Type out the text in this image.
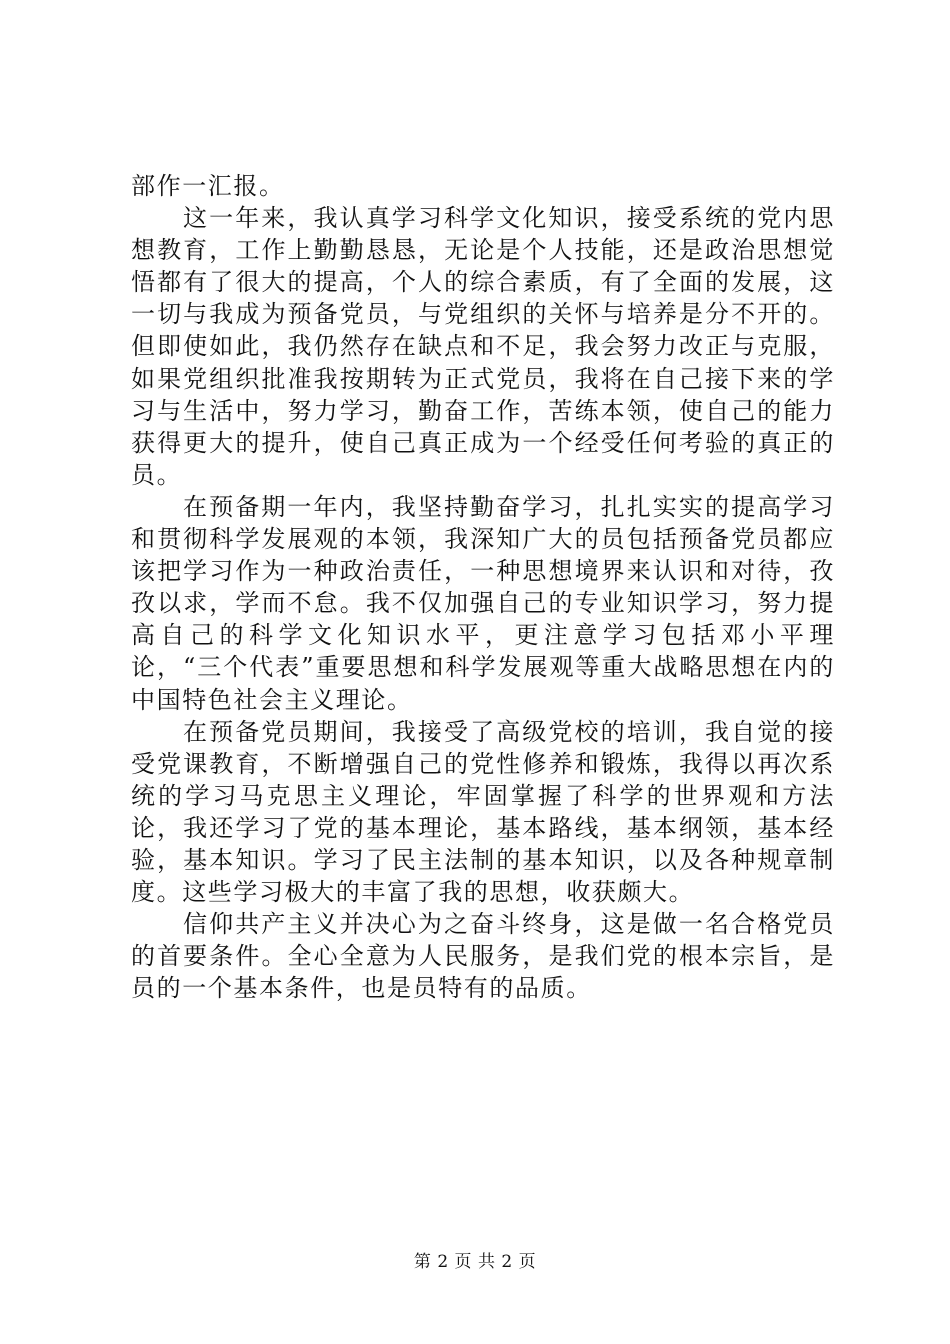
部作一汇报。

这一年来，我认真学习科学文化知识，接受系统的党内思想教育，工作上勤勤恳恳，无论是个人技能，还是政治思想觉悟都有了很大的提高，个人的综合素质，有了全面的发展，这一切与我成为预备党员，与党组织的关怀与培养是分不开的。但即使如此，我仍然存在缺点和不足，我会努力改正与克服，如果党组织批准我按期转为正式党员，我将在自己接下来的学习与生活中，努力学习，勤奋工作，苦练本领，使自己的能力获得更大的提升，使自己真正成为一个经受任何考验的真正的员。

在预备期一年内，我坚持勤奋学习，扎扎实实的提高学习和贯彻科学发展观的本领，我深知广大的员包括预备党员都应该把学习作为一种政治责任，一种思想境界来认识和对待，孜孜以求，学而不怠。我不仅加强自己的专业知识学习，努力提高自己的科学文化知识水平，更注意学习包括邓小平理论，“三个代表”重要思想和科学发展观等重大战略思想在内的中国特色社会主义理论。

在预备党员期间，我接受了高级党校的培训，我自觉的接受党课教育，不断增强自己的党性修养和锻炼，我得以再次系统的学习马克思主义理论，牢固掌握了科学的世界观和方法论，我还学习了党的基本理论，基本路线，基本纲领，基本经验，基本知识。学习了民主法制的基本知识，以及各种规章制度。这些学习极大的丰富了我的思想，收获颇大。

信仰共产主义并决心为之奋斗终身，这是做一名合格党员的首要条件。全心全意为人民服务，是我们党的根本宗旨，是员的一个基本条件，也是员特有的品质。

第 2 页 共 2 页
